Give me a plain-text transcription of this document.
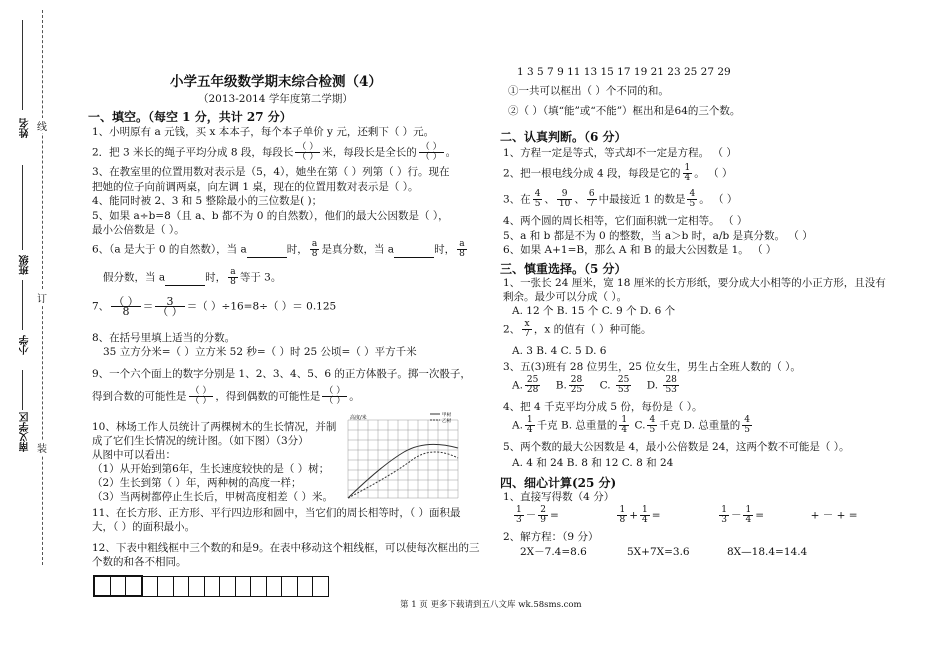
姓名
班级
小学
南义学区
线
订
装
小学五年级数学期末综合检测（4）
（2013-2014 学年度第二学期）
一、填空。（每空 1 分，共计 27 分）
1、小明原有 a 元钱，买 x 本本子，每个本子单价 y 元，还剩下（ ）元。
2．把 3 米长的绳子平均分成 8 段，每段长 $\frac{( )}{( )}$ 米，每段长是全长的 $\frac{( )}{( )}$ 。
3、在教室里的位置用数对表示是（5，4），她坐在第（ ）列第（ ）行。现在
把她的位子向前调两桌，向左调 1 桌，现在的位置用数对表示是（ ）。
4、能同时被 2、3 和 5 整除最小的三位数是( )；
5、如果 a÷b=8（且 a、b 都不为 0 的自然数），他们的最大公因数是（ ），
最小公倍数是（ ）。
6、（a 是大于 0 的自然数），当 a	时， $\frac{a}{8}$ 是真分数，当 a	时， $\frac{a}{8}$
假分数，当 a	时， $\frac{a}{8}$ 等于 3。
7、 $\frac{( )}{8} = \frac{3}{( )}$ ＝（ ）÷16=8÷（ ）＝ 0.125
8、在括号里填上适当的分数。
35 立方分米=（ ）立方米 52 秒=（ ）时 25 公顷=（ ）平方千米
9、一个六个面上的数字分别是 1、2、3、4、5、6 的正方体骰子。掷一次骰子，
得到合数的可能性是 $\frac{( )}{( )}$ ，得到偶数的可能性是 $\frac{( )}{( )}$ 。
10、林场工作人员统计了两棵树木的生长情况，并制
成了它们生长情况的统计图。（如下图）（3分）
从图中可以看出：
（1）从开始到第6年，生长速度较快的是（ ）树；
（2）生长到第（ ）年，两种树的高度一样；
（3）当两树都停止生长后，甲树高度相差（ ）米。
高度/米	甲树
乙树
11、在长方形、正方形、平行四边形和圆中，当它们的周长相等时，（ ）面积最
大，（ ）的面积最小。
12、下表中粗线框中三个数的和是9。在表中移动这个粗线框，可以使每次框出的三
个数的和各不相同。

1 3 5 7 9 11 13 15 17 19 21 23 25 27 29
①一共可以框出（ ）个不同的和。
②（ ）（填“能”或“不能”）框出和是64的三个数。
二、认真判断。（6 分）
1、方程一定是等式，等式却不一定是方程。 （ ）
2、把一根电线分成 4 段，每段是它的 $\frac{1}{4}$ 。 （ ）
3、在 $\frac{4}{5}$ 、 $\frac{9}{10}$ 、 $\frac{6}{7}$ 中最接近 1 的数是 $\frac{4}{5}$ 。 （ ）
4、两个圆的周长相等，它们面积就一定相等。 （ ）
5、a 和 b 都是不为 0 的整数，当 a＞b 时，a/b 是真分数。 （ ）
6、如果 A+1=B，那么 A 和 B 的最大公因数是 1。 （ ）
三、慎重选择。（5 分）
1、一张长 24 厘米，宽 18 厘米的长方形纸，要分成大小相等的小正方形，且没有
剩余。最少可以分成（ ）。
A. 12 个 B. 15 个 C. 9 个 D. 6 个
2、 $\frac{x}{7}$ ，x 的值有（ ）种可能。
A. 3 B. 4 C. 5 D. 6
3、五(3)班有 28 位男生，25 位女生，男生占全班人数的（ ）。
A. $\frac{25}{28} B$. $\frac{28}{25} C$. $\frac{25}{53} D$. $\frac{28}{53}$
4、把 4 千克平均分成 5 份，每份是（ ）。
A. $\frac{1}{4}$ 千克 B. 总重量的 $\frac{1}{4} C$. $\frac{4}{5}$ 千克 D. 总重量的 $\frac{4}{5}$
5、两个数的最大公因数是 4，最小公倍数是 24，这两个数不可能是（ ）。
A. 4 和 24 B. 8 和 12 C. 8 和 24
四、细心计算(25 分)
1、直接写得数（4 分）
$\frac{1}{3} - \frac{2}{9}$ =	$\frac{1}{8} + \frac{1}{4}$ =	$\frac{1}{3} - \frac{1}{4}$ =	+ － + =
2、解方程：（9 分）
2X－7.4=8.6	5X+7X=3.6	8X—18.4=14.4
第 1 页 更多下载请到五八文库 wk.58sms.com
